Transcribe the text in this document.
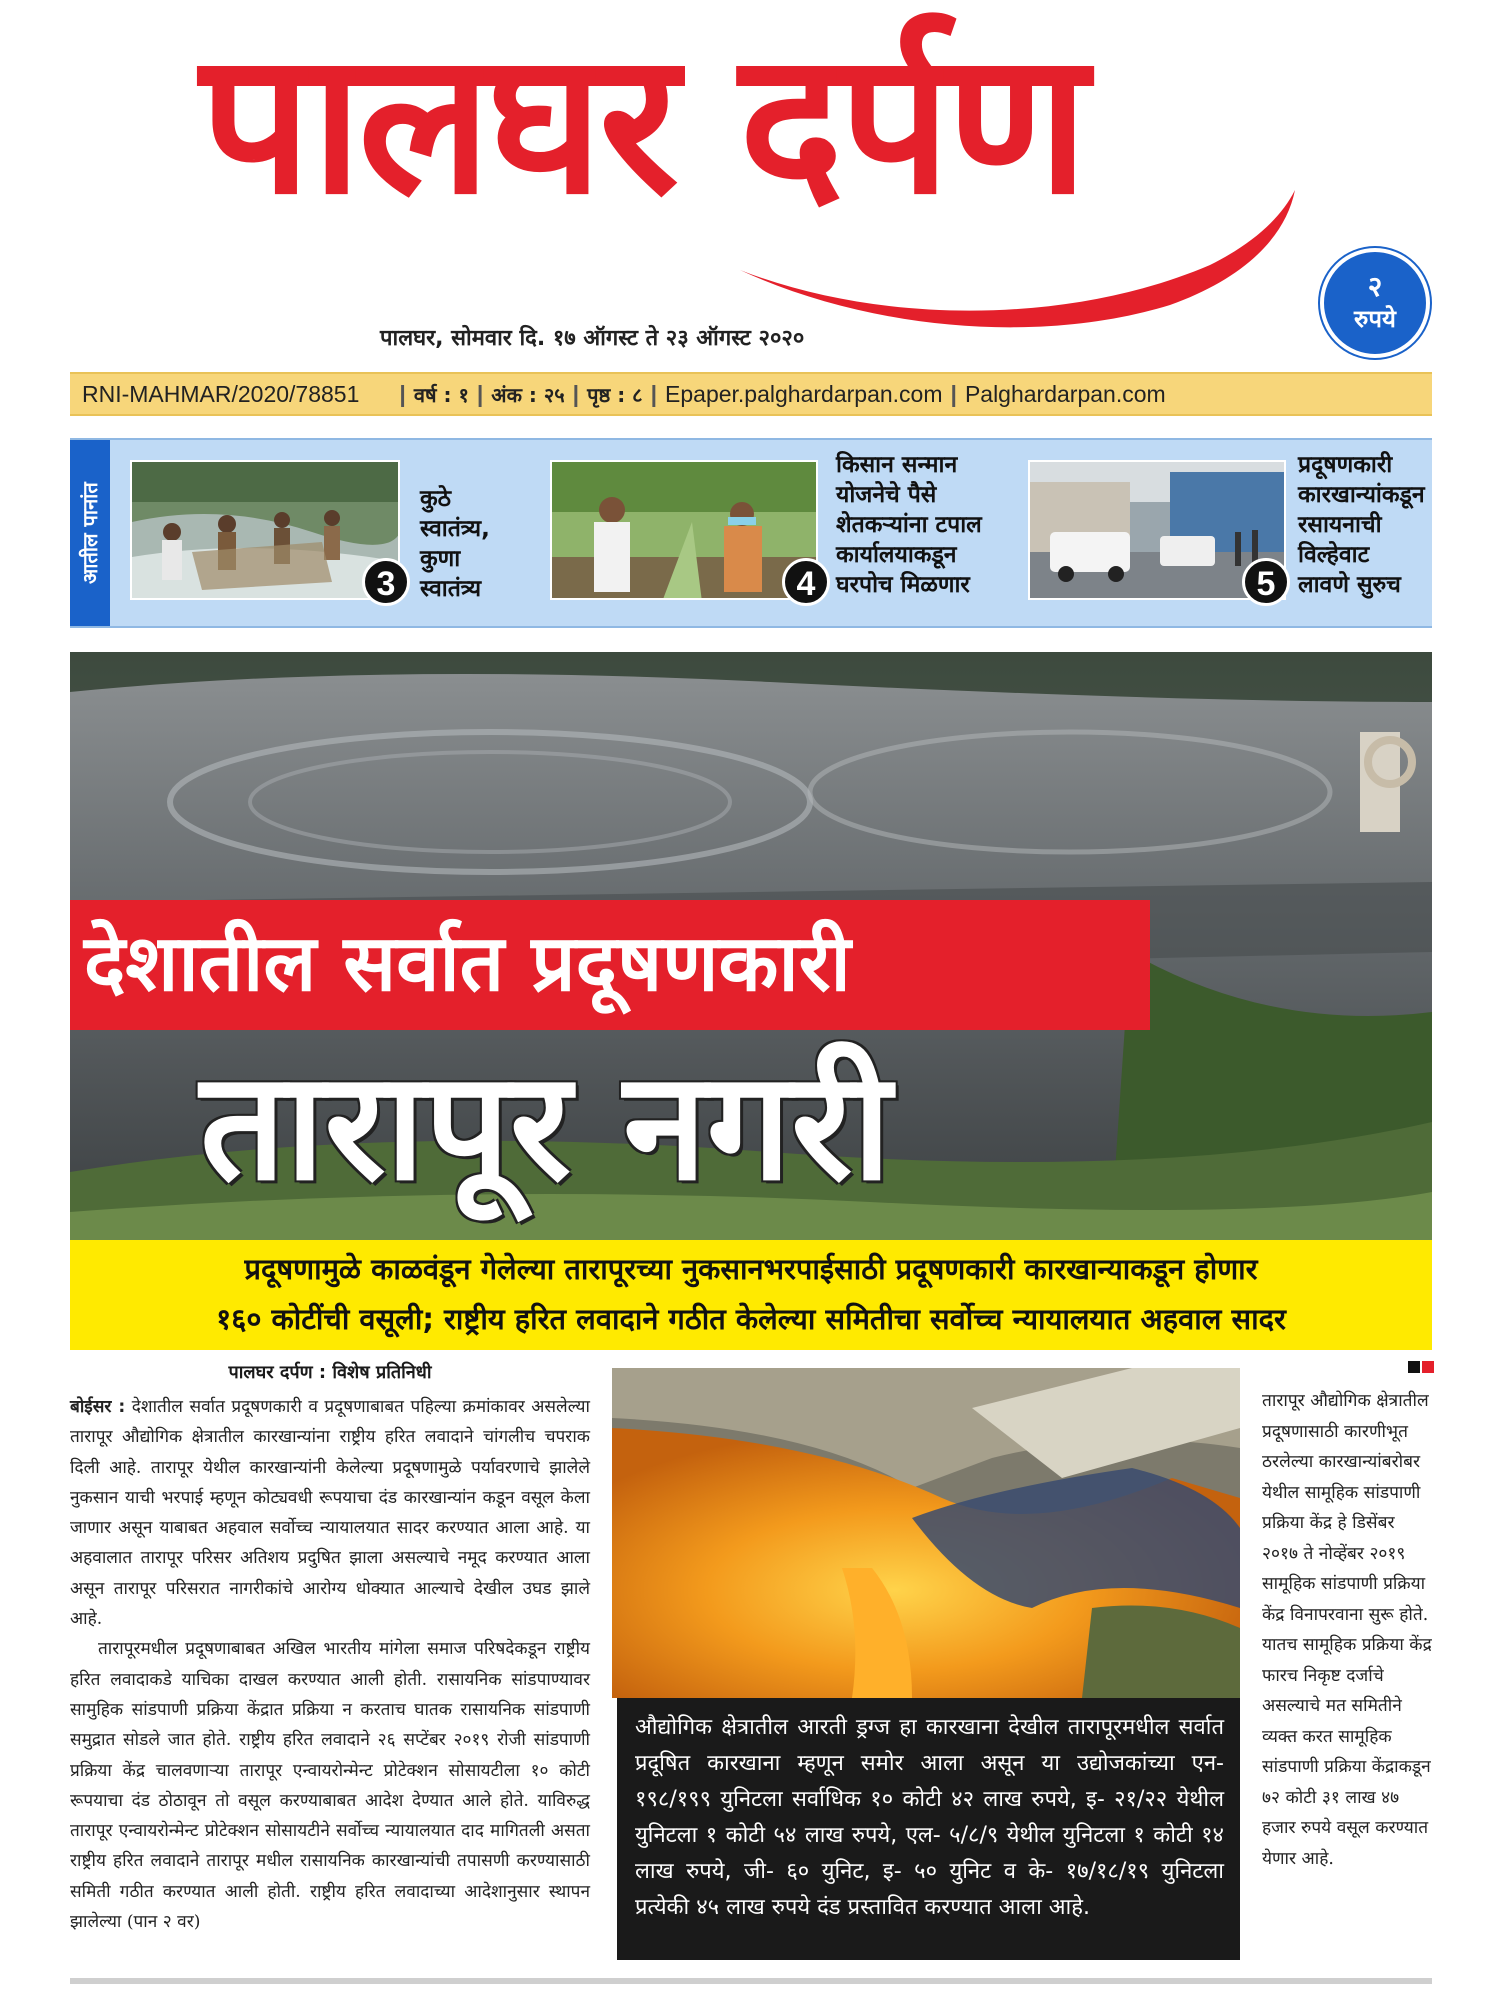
पालघर दर्पण
२
रुपये
पालघर, सोमवार दि. १७ ऑगस्ट ते २३ ऑगस्ट २०२०
RNI-MAHMAR/2020/78851 | वर्ष : १ | अंक : २५ | पृष्ठ : ८ | Epaper.palghardarpan.com | Palghardarpan.com
आतील पानांत
3
कुठे
स्वातंत्र्य,
कुणा
स्वातंत्र्य	4
किसान सन्मान
योजनेचे पैसे
शेतकऱ्यांना टपाल
कार्यालयाकडून
घरपोच मिळणार	5
प्रदूषणकारी
कारखान्यांकडून
रसायनाची
विल्हेवाट
लावणे सुरुच
देशातील सर्वात प्रदूषणकारी
तारापूर नगरी
प्रदूषणामुळे काळवंडून गेलेल्या तारापूरच्या नुकसानभरपाईसाठी प्रदूषणकारी कारखान्याकडून होणार
१६० कोटींची वसूली; राष्ट्रीय हरित लवादाने गठीत केलेल्या समितीचा सर्वोच्च न्यायालयात अहवाल सादर
पालघर दर्पण : विशेष प्रतिनिधी

बोईसर : देशातील सर्वात प्रदूषणकारी व प्रदूषणाबाबत पहिल्या क्रमांकावर असलेल्या तारापूर औद्योगिक क्षेत्रातील कारखान्यांना राष्ट्रीय हरित लवादाने चांगलीच चपराक दिली आहे. तारापूर येथील कारखान्यांनी केलेल्या प्रदूषणामुळे पर्यावरणाचे झालेले नुकसान याची भरपाई म्हणून कोट्यवधी रूपयाचा दंड कारखान्यांन कडून वसूल केला जाणार असून याबाबत अहवाल सर्वोच्च न्यायालयात सादर करण्यात आला आहे. या अहवालात तारापूर परिसर अतिशय प्रदुषित झाला असल्याचे नमूद करण्यात आला असून तारापूर परिसरात नागरीकांचे आरोग्य धोक्यात आल्याचे देखील उघड झाले आहे.

तारापूरमधील प्रदूषणाबाबत अखिल भारतीय मांगेला समाज परिषदेकडून राष्ट्रीय हरित लवादाकडे याचिका दाखल करण्यात आली होती. रासायनिक सांडपाण्यावर सामुहिक सांडपाणी प्रक्रिया केंद्रात प्रक्रिया न करताच घातक रासायनिक सांडपाणी समुद्रात सोडले जात होते. राष्ट्रीय हरित लवादाने २६ सप्टेंबर २०१९ रोजी सांडपाणी प्रक्रिया केंद्र चालवणाऱ्या तारापूर एन्वायरोन्मेन्ट प्रोटेक्शन सोसायटीला १० कोटी रूपयाचा दंड ठोठावून तो वसूल करण्याबाबत आदेश देण्यात आले होते. याविरुद्ध तारापूर एन्वायरोन्मेन्ट प्रोटेक्शन सोसायटीने सर्वोच्च न्यायालयात दाद मागितली असता राष्ट्रीय हरित लवादाने तारापूर मधील रासायनिक कारखान्यांची तपासणी करण्यासाठी समिती गठीत करण्यात आली होती. राष्ट्रीय हरित लवादाच्या आदेशानुसार स्थापन झालेल्या (पान २ वर)

औद्योगिक क्षेत्रातील आरती ड्रग्ज हा कारखाना देखील तारापूरमधील सर्वात प्रदूषित कारखाना म्हणून समोर आला असून या उद्योजकांच्या एन- १९८/१९९ युनिटला सर्वाधिक १० कोटी ४२ लाख रुपये, इ- २१/२२ येथील युनिटला १ कोटी ५४ लाख रुपये, एल- ५/८/९ येथील युनिटला १ कोटी १४ लाख रुपये, जी- ६० युनिट, इ- ५० युनिट व के- १७/१८/१९ युनिटला प्रत्येकी ४५ लाख रुपये दंड प्रस्तावित करण्यात आला आहे.
तारापूर औद्योगिक क्षेत्रातील प्रदूषणासाठी कारणीभूत ठरलेल्या कारखान्यांबरोबर येथील सामूहिक सांडपाणी प्रक्रिया केंद्र हे डिसेंबर २०१७ ते नोव्हेंबर २०१९ सामूहिक सांडपाणी प्रक्रिया केंद्र विनापरवाना सुरू होते. यातच सामूहिक प्रक्रिया केंद्र फारच निकृष्ट दर्जाचे असल्याचे मत समितीने व्यक्त करत सामूहिक सांडपाणी प्रक्रिया केंद्राकडून ७२ कोटी ३१ लाख ४७ हजार रुपये वसूल करण्यात येणार आहे.
